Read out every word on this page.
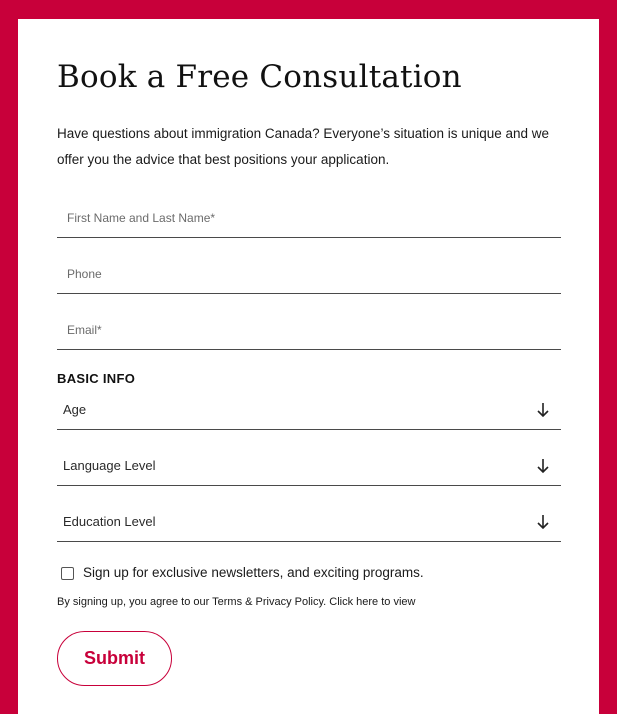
Book a Free Consultation

Have questions about immigration Canada? Everyone’s situation is unique and we offer you the advice that best positions your application.

First Name and Last Name*
Phone
Email*

BASIC INFO

Age
Language Level
Education Level
Sign up for exclusive newsletters, and exciting programs.

By signing up, you agree to our Terms & Privacy Policy. Click here to view

Submit
